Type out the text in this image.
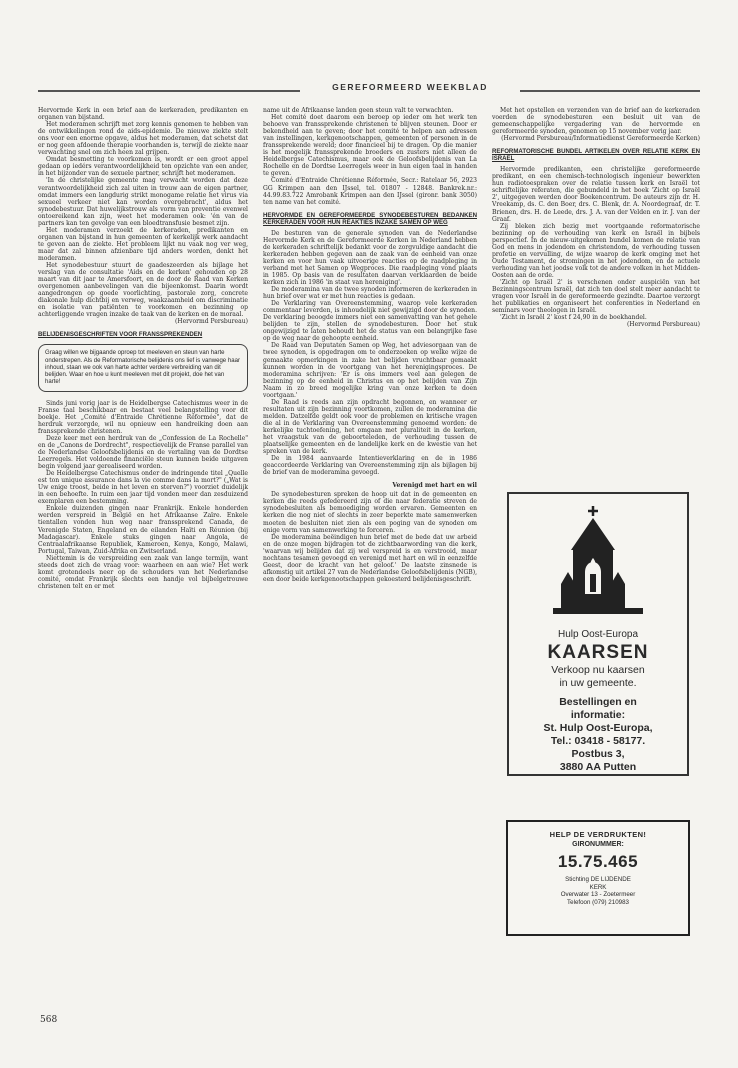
GEREFORMEERD WEEKBLAD

Hervormde Kerk in een brief aan de kerkeraden, predikanten en organen van bijstand.

Het moderamen schrijft met zorg kennis genomen te hebben van de ontwikkelingen rond de aids-epidemie. De nieuwe ziekte stelt ons voor een enorme opgave, aldus het moderamen, dat schetst dat er nog geen afdoende therapie voorhanden is, terwijl de ziekte naar verwachting snel om zich heen zal grijpen.

Omdat besmetting te voorkomen is, wordt er een groot appel gedaan op iedérs verantwoordelijkheid ten opzichte van een ander, in het bijzonder van de sexuele partner, schrijft het moderamen.

'In de christelijke gemeente mag verwacht worden dat deze verantwoordelijkheid zich zal uiten in trouw aan de eigen partner, omdat immers een langdurig strikt monogame relatie het virus via sexueel verkeer niet kan worden overgebracht', aldus het synodebestuur. Dat huwelijkstrouw als vorm van preventie evenwel ontoereikend kan zijn, weet het moderamen ook: 'én van de partners kan ten gevolge van een bloedtransfusie besmet zijn.

Het moderamen verzoekt de kerkeraden, predikanten en organen van bijstand in hun gemeenten of kerkelijk werk aandacht te geven aan de ziekte. Het probleem lijkt nu vaak nog ver weg, maar dat zal binnen afzienbare tijd anders worden, denkt het moderamen.

Het synodebestuur stuurt de gaadeszeerden als bijlage het verslag van de consultatie 'Aids en de kerken' gehouden op 28 maart van dit jaar te Amersfoort, en de door de Raad van Kerken overgenomen aanbevelingen van die bijeenkomst. Daarin wordt aangedrongen op goede voorlichting, pastorale zorg, concrete diakonale hulp dichtbij en verweg, waakzaamheid om discriminatie en isolatie van patiënten te voorkomen en bezinning op achterliggende vragen inzake de taak van de kerken en de moraal.

(Hervormd Persbureau)

BELIJDENISGESCHRIFTEN VOOR FRANSSPREKENDEN

Graag willen we bijgaande oproep tot meeleven en steun van harte onderstrepen. Als de Reformatorische belijdenis ons lief is vanwege haar inhoud, staan we ook van harte achter verdere verbreiding van dit belijden. Waar en hoe u kunt meeleven met dit projekt, doe het van harte!

Sinds juni vorig jaar is de Heidelbergse Catechismus weer in de Franse taal beschikbaar en bestaat veel belangstelling voor dit boekje. Het „Comité d'Entraide Chrétienne Réformée", dat de herdruk verzorgde, wil nu opnieuw een handreiking doen aan franssprekende christenen.

Deze keer met een herdruk van de „Confession de La Rochelle" en de „Canons de Dordrecht", respectievelijk de Franse parallel van de Nederlandse Geloofsbelijdenis en de vertaling van de Dordtse Leerregels. Het voldoende financiële steun kunnen beide uitgaven begin volgend jaar gerealiseerd worden.

De Heidelbergse Catechismus onder de indringende titel „Quelle est ton unique assurance dans la vie comme dans la mort?" („Wat is Uw enige troost, beide in het leven en sterven?") voorziet duidelijk in een behoefte. In ruim een jaar tijd vonden meer dan zesduizend exemplaren een bestemming.

Enkele duizenden gingen naar Frankrijk. Enkele honderden werden verspreid in België en het Afrikaanse Zaïre. Enkele tientallen vonden hun weg naar franssprekend Canada, de Verenigde Staten, Engeland en de eilanden Haïti en Réunion (bij Madagascar). Enkele stuks gingen naar Angola, de Centraalafrikaanse Republiek, Kameroen, Kenya, Kongo, Malawi, Portugal, Taiwan, Zuid-Afrika en Zwitserland.

Niettemin is de verspreiding een zaak van lange termijn, want steeds doet zich de vraag voor: waarheen en aan wie? Het werk komt grotendeels neer op de schouders van het Nederlandse comité, omdat Frankrijk slechts een handje vol bijbelgetrouwe christenen telt en er met

name uit de Afrikaanse landen geen steun valt te verwachten.

Het comité doet daarom een beroep op ieder om het werk ten behoeve van franssprekende christenen te blijven steunen. Door er bekendheid aan te geven; door het comité te helpen aan adressen van instellingen, kerkgenootschappen, gemeenten of personen in de franssprekende wereld; door financieel bij te dragen. Op die manier is het mogelijk franssprekende broeders en zusters niet alleen de Heidelbergse Catechismus, maar ook de Geloofsbelijdenis van La Rochelle en de Dordtse Leerregels weer in hun eigen taal in handen te geven.

Comité d'Entraide Chrétienne Réformée, Secr.: Ratelaar 56, 2923 GG Krimpen aan den IJssel, tel. 01807 - 12848. Bankrek.nr.: 44.99.83.722 Amrobank Krimpen aan den IJssel (gironr. bank 3050) ten name van het comité.

HERVORMDE EN GEREFORMEERDE SYNODEBESTUREN BEDANKEN KERKERADEN VOOR HUN REAKTIES INZAKE SAMEN OP WEG

De besturen van de generale synoden van de Nederlandse Hervormde Kerk en de Gereformeerde Kerken in Nederland hebben de kerkeraden schriftelijk bedankt voor de zorgvuldige aandacht die kerkeraden hebben gegeven aan de zaak van de eenheid van onze kerken en voor hun vaak uitvoerige reacties op de raadpleging in verband met het Samen op Wegproces. Die raadpleging vond plaats in 1985. Op basis van de resultaten daarvan verklaarden de beide kerken zich in 1986 'in staat van hereniging'.

De moderamina van de twee synoden informeren de kerkeraden in hun brief over wat er met hun reacties is gedaan.

De Verklaring van Overeenstemming, waarop vele kerkeraden commentaar leverden, is inhoudelijk niet gewijzigd door de synoden. De verklaring beoogde immers niet een samenvatting van het gehele belijden te zijn, stellen de synodebesturen. Door het stuk ongewijzigd te laten behoudt het de status van een belangrijke fase op de weg naar de gehoopte eenheid.

De Raad van Deputaten Samen op Weg, het adviesorgaan van de twee synoden, is opgedragen om te onderzoeken op welke wijze de gemaakte opmerkingen in zake het belijden vruchtbaar gemaakt kunnen worden in de voortgang van het herenigingsproces. De moderamina schrijven: 'Er is ons immers veel aan gelegen de bezinning op de eenheid in Christus en op het belijden van Zijn Naam in zo breed mogelijke kring van onze kerken te doen voortgaan.'

De Raad is reeds aan zijn opdracht begonnen, en wanneer er resultaten uit zijn bezinning voortkomen, zullen de moderamina die melden. Datzelfde geldt ook voor de problemen en kritische vragen die al in de Verklaring van Overeenstemming genoemd worden: de kerkelijke tuchtoefening, het omgaan met pluraliteit in de kerken, het vraagstuk van de geboorteleden, de verhouding tussen de plaatselijke gemeenten en de landelijke kerk en de kwestie van het spreken van de kerk.

De in 1984 aanvaarde Intentieverklaring en de in 1986 geaccordeerde Verklaring van Overeenstemming zijn als bijlagen bij de brief van de moderamina gevoegd.

Verenigd met hart en wil

De synodebesturen spreken de hoop uit dat in de gemeenten en kerken die reeds gefedereerd zijn of die naar federatie streven de synodebesluiten als bemoediging worden ervaren. Gemeenten en kerken die nog niet of slechts in zeer beperkte mate samenwerken moeten de besluiten niet zien als een poging van de synoden om enige vorm van samenwerking te forceren.

De moderamina beëindigen hun brief met de bede dat uw arbeid en de onze mogen bijdragen tot de zichtbaarwording van die kerk, 'waarvan wij belijden dat zij wel verspreid is en verstrooid, maar nochtans tesamen gevoegd en verenigd met hart en wil in eenzelfde Geest, door de kracht van het geloof.' De laatste zinsnede is afkomstig uit artikel 27 van de Nederlandse Geloofsbelijdenis (NGB), een door beide kerkgenootschappen gekoesterd belijdenisgeschrift.

Met het opstellen en verzenden van de brief aan de kerkeraden voerden de synodebesturen een besluit uit van de gemeenschappelijke vergadering van de hervormde en gereformeerde synoden, genomen op 15 november vorig jaar.

(Hervormd Persbureau/Informatiedienst Gereformeerde Kerken)

REFORMATORISCHE BUNDEL ARTIKELEN OVER RELATIE KERK EN ISRAEL

Hervormde predikanten, een christelijke gereformeerde predikant, en een chemisch-technologisch ingenieur bewerkten hun radiotoespraken over de relatie tussen kerk en Israël tot schriftelijke referaten, die gebundeld in het boek 'Zicht op Israël 2', uitgegeven werden door Boekencentrum. De auteurs zijn dr. H. Vreekamp, ds. C. den Boer, drs. C. Blenk, dr. A. Noordegraaf, dr. T. Brienen, drs. H. de Leede, drs. J. A. van der Velden en ir. J. van der Graaf.

Zij bleken zich bezig met voortgaande reformatorische bezinning op de verhouding van kerk en Israël in bijbels perspectief. In de nieuw-uitgekomen bundel komen de relatie van God en mens in jodendom en christendom, de verhouding tussen profetie en vervulling, de wijze waarop de kerk omging met het Oude Testament, de stromingen in het jodendom, en de actuele verhouding van het joodse volk tot de andere volken in het Midden-Oosten aan de orde.

'Zicht op Israël 2' is verschenen onder auspiciën van het Bezinningscentrum Israël, dat zich ten doel stelt meer aandacht te vragen voor Israël in de gereformeerde gezindte. Daartoe verzorgt het publikaties en organiseert het conferenties in Nederland en seminars voor theologen in Israël.

'Zicht in Israël 2' kost f 24,90 in de boekhandel.

(Hervormd Persbureau)

Hulp Oost-Europa
KAARSEN
Verkoop nu kaarsen
in uw gemeente.
Bestellingen en
informatie:
St. Hulp Oost-Europa,
Tel.: 03418 - 58177.
Postbus 3,
3880 AA Putten
HELP DE VERDRUKTEN!
GIRONUMMER:
15.75.465
Stichting DE LIJDENDE
KERK
Overwater 13 - Zoetermeer
Telefoon (079) 210983
568
